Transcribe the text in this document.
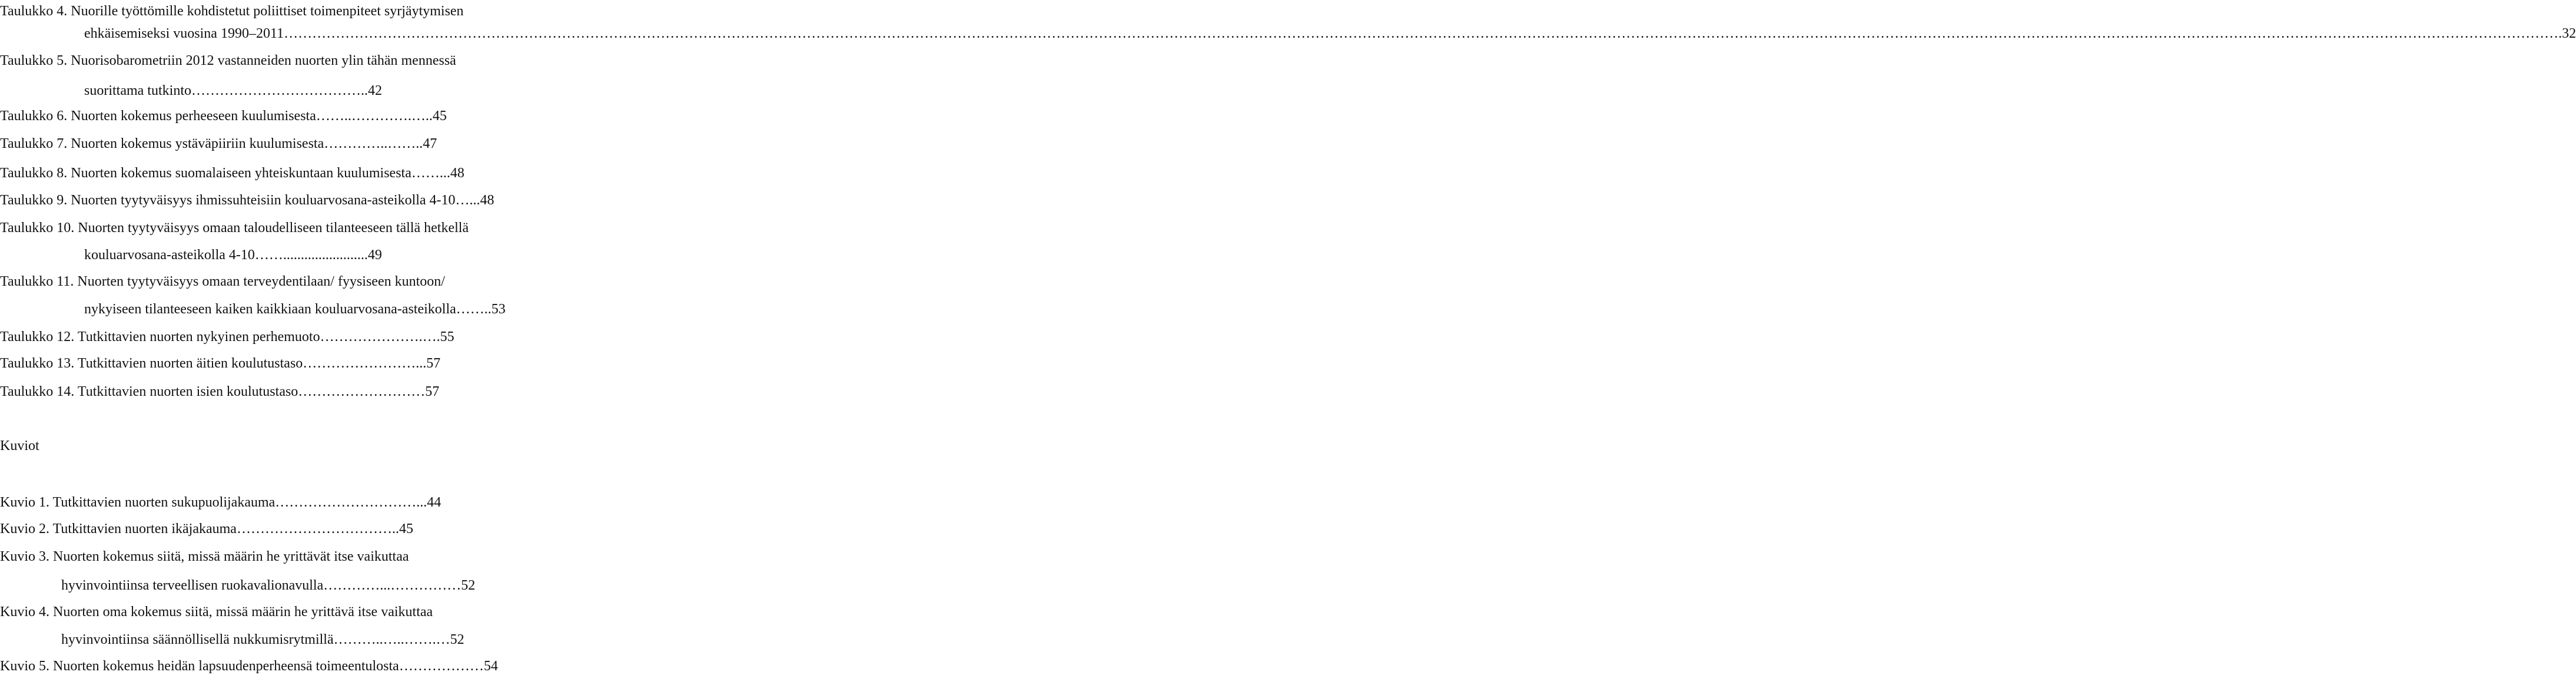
Taulukko 4. Nuorille työttömille kohdistetut poliittiset toimenpiteet syrjäytymisen
ehkäisemiseksi vuosina 1990–2011…………………………………………………………………………………………………………………………………………………………………………………………………………………………………………………………………………………………………………………………………………………………………………………………………………………………………………….32
Taulukko 5. Nuorisobarometriin 2012 vastanneiden nuorten ylin tähän mennessä
suorittama tutkinto………………………………..42
Taulukko 6. Nuorten kokemus perheeseen kuulumisesta……..………….…..45
Taulukko 7. Nuorten kokemus ystäväpiiriin kuulumisesta…………..……..47
Taulukko 8. Nuorten kokemus suomalaiseen yhteiskuntaan kuulumisesta……...48
Taulukko 9. Nuorten tyytyväisyys ihmissuhteisiin kouluarvosana-asteikolla 4-10…...48
Taulukko 10. Nuorten tyytyväisyys omaan taloudelliseen tilanteeseen tällä hetkellä
kouluarvosana-asteikolla 4-10……........................49
Taulukko 11. Nuorten tyytyväisyys omaan terveydentilaan/ fyysiseen kuntoon/
nykyiseen tilanteeseen kaiken kaikkiaan kouluarvosana-asteikolla……..53
Taulukko 12. Tutkittavien nuorten nykyinen perhemuoto………………….….55
Taulukko 13. Tutkittavien nuorten äitien koulutustaso……………………...57
Taulukko 14. Tutkittavien nuorten isien koulutustaso………………………57
Kuviot
Kuvio 1. Tutkittavien nuorten sukupuolijakauma…………………………...44
Kuvio 2. Tutkittavien nuorten ikäjakauma……………………………..45
Kuvio 3. Nuorten kokemus siitä, missä määrin he yrittävät itse vaikuttaa
hyvinvointiinsa terveellisen ruokavalionavulla…………...……………52
Kuvio 4. Nuorten oma kokemus siitä, missä määrin he yrittävä itse vaikuttaa
hyvinvointiinsa säännöllisellä nukkumisrytmillä………..…..…….…52
Kuvio 5. Nuorten kokemus heidän lapsuudenperheensä toimeentulosta………………54
